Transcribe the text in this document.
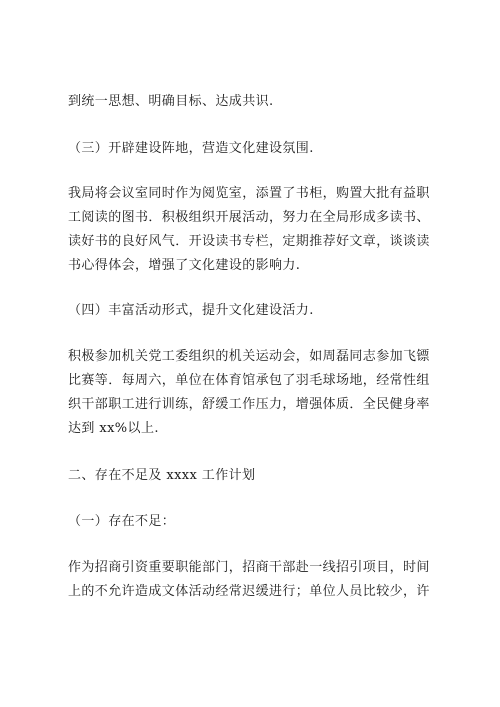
到统一思想、明确目标、达成共识.
（三）开辟建设阵地，营造文化建设氛围.
我局将会议室同时作为阅览室，添置了书柜，购置大批有益职
工阅读的图书．积极组织开展活动，努力在全局形成多读书、
读好书的良好风气．开设读书专栏，定期推荐好文章，谈谈读
书心得体会，增强了文化建设的影响力.
（四）丰富活动形式，提升文化建设活力.
积极参加机关党工委组织的机关运动会，如周磊同志参加飞镖
比赛等．每周六，单位在体育馆承包了羽毛球场地，经常性组
织干部职工进行训练，舒缓工作压力，增强体质．全民健身率
达到 xx%以上.
二、存在不足及 xxxx 工作计划
（一）存在不足：
作为招商引资重要职能部门，招商干部赴一线招引项目，时间
上的不允许造成文体活动经常迟缓进行；单位人员比较少，许
